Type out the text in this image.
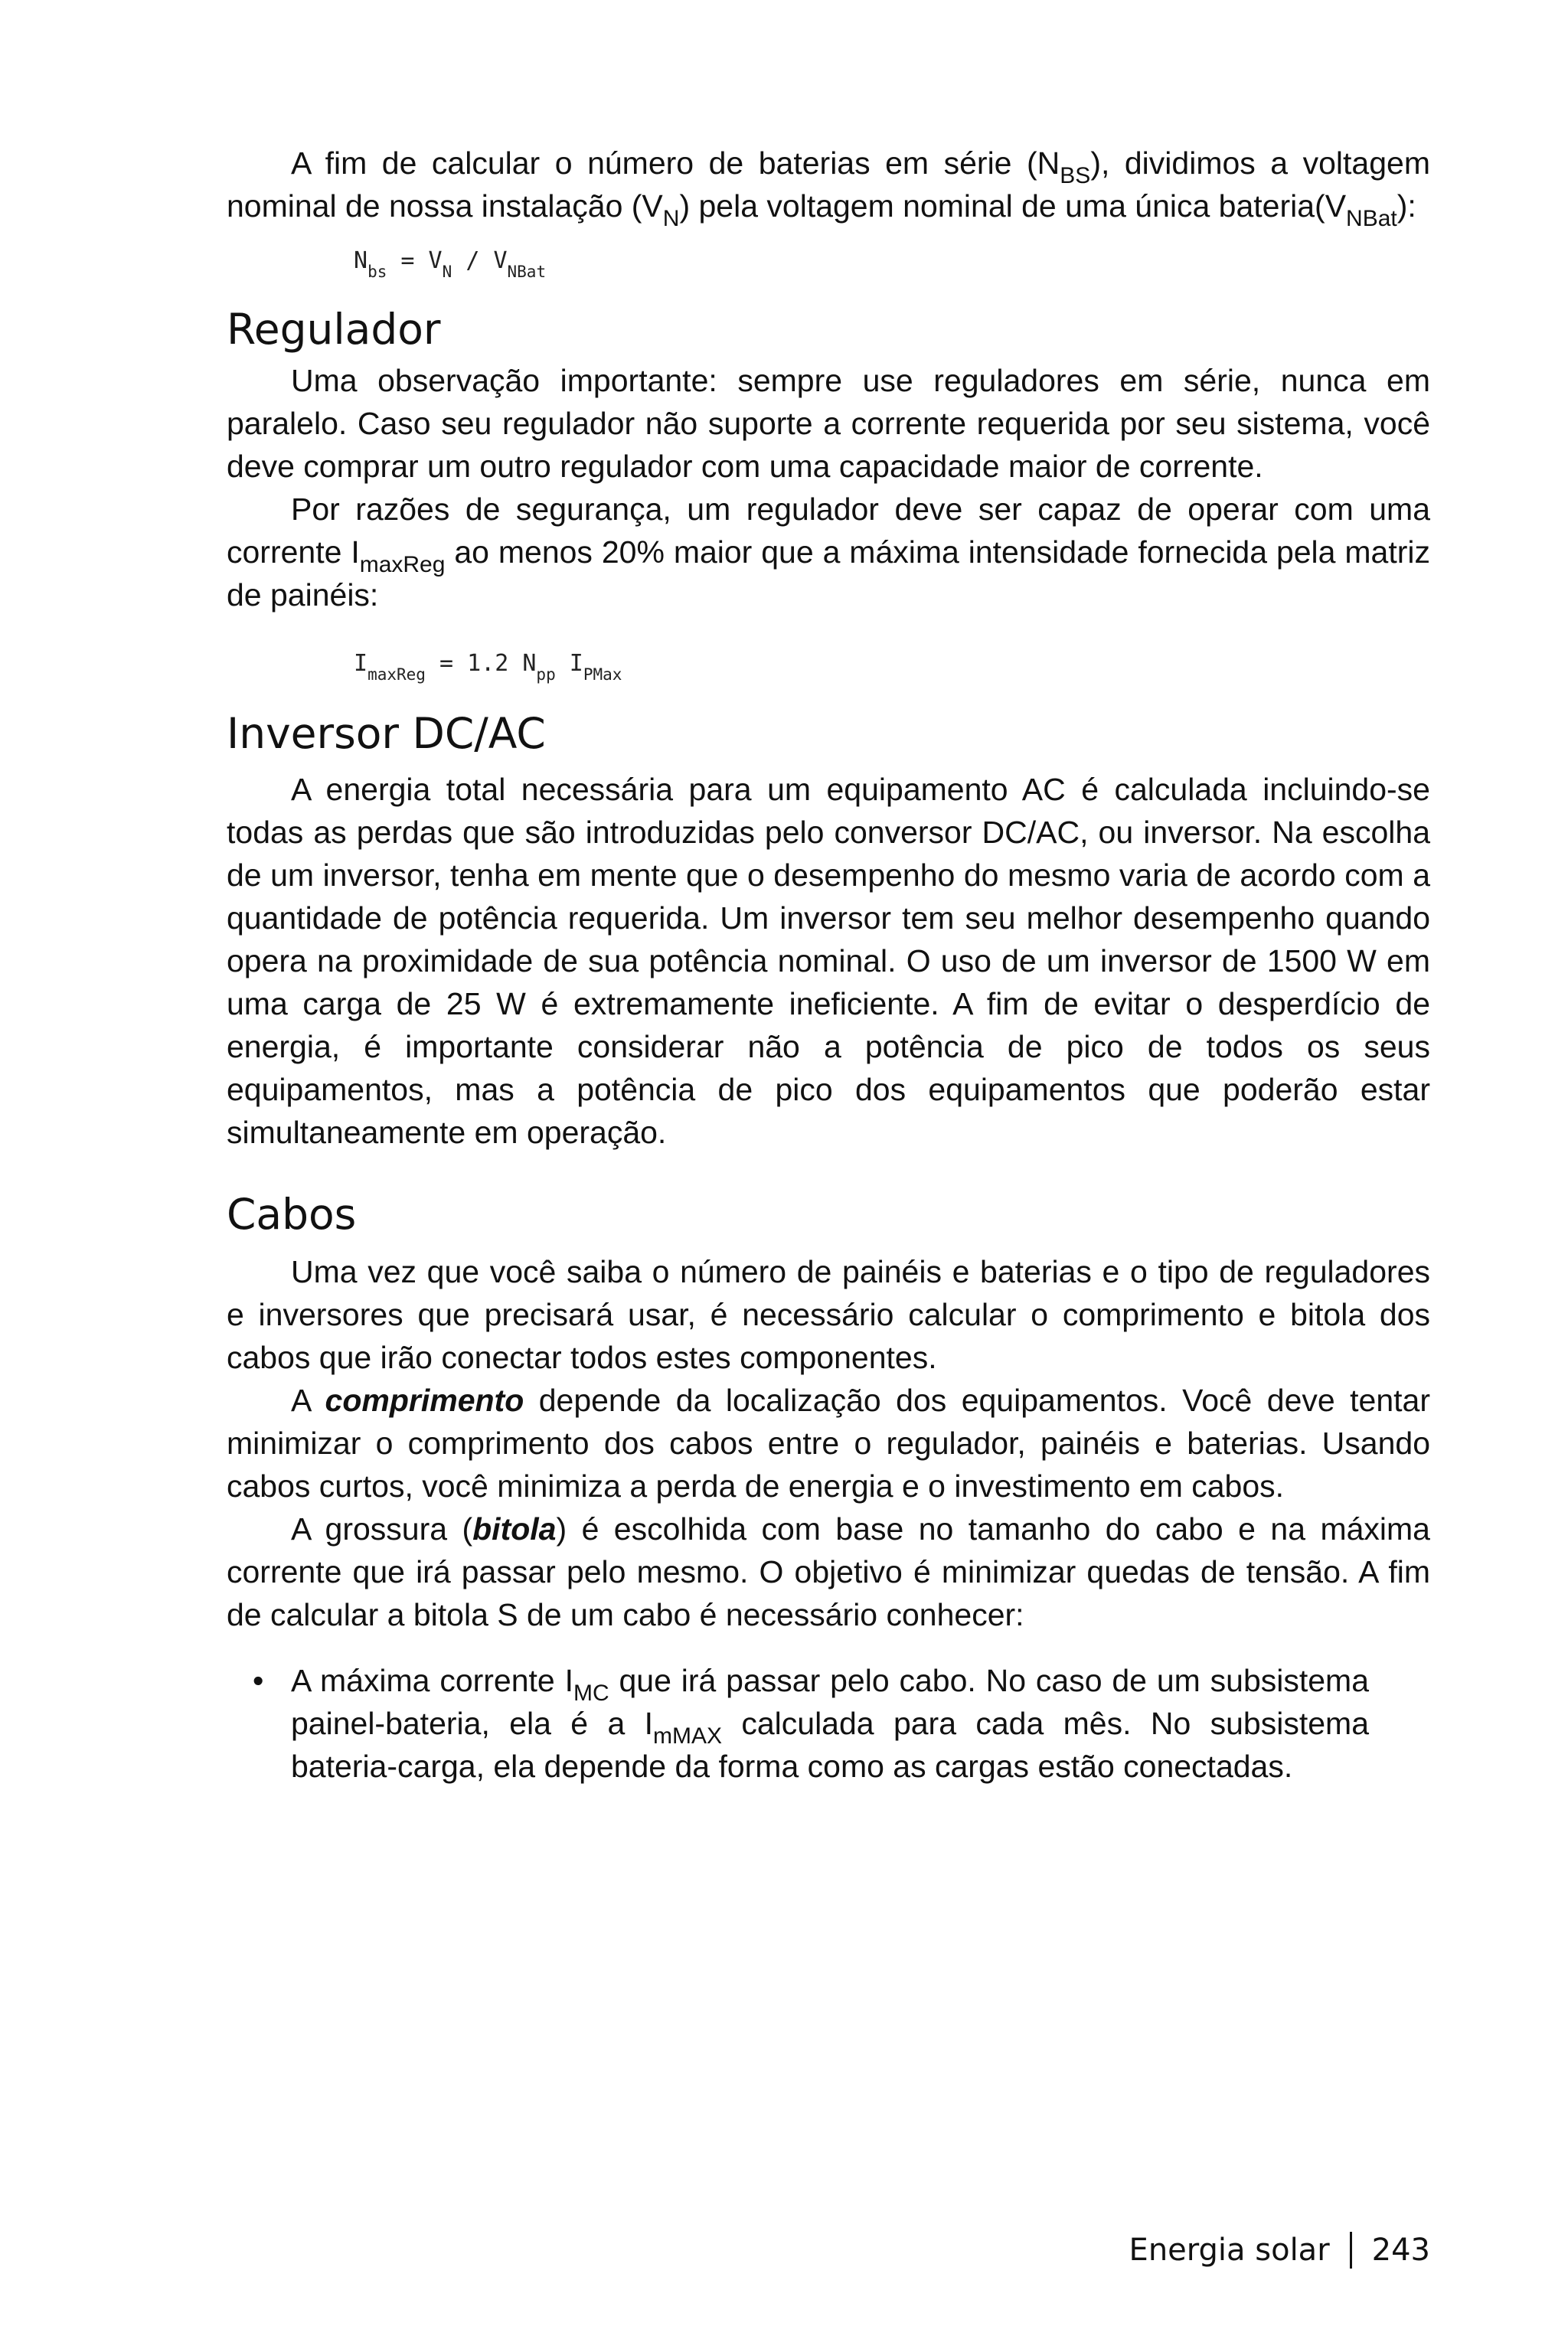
A fim de calcular o número de baterias em série $(N_{BS})$, dividimos a voltagem nominal de nossa instalação $(V_N)$ pela voltagem nominal de uma única $bateria(V_{NBat})$:

$N_{bs} = V_N / V_{NBat}$
Regulador

Uma observação importante: sempre use reguladores em série, nunca em paralelo. Caso seu regulador não suporte a corrente requerida por seu sistema, você deve comprar um outro regulador com uma capacidade maior de corrente.

Por razões de segurança, um regulador deve ser capaz de operar com uma corrente $I_{maxReg}$ ao menos 20% maior que a máxima intensidade fornecida pela matriz de painéis:

$I_{maxReg} = 1.2$ $N_{pp}$ $I_{PMax}$
Inversor DC/AC

A energia total necessária para um equipamento AC é calculada incluindo-se todas as perdas que são introduzidas pelo conversor DC/AC, ou inversor. Na escolha de um inversor, tenha em mente que o desempenho do mesmo varia de acordo com a quantidade de potência requerida. Um inversor tem seu melhor desempenho quando opera na proximidade de sua potência nominal. O uso de um inversor de 1500 W em uma carga de 25 W é extremamente ineficiente. A fim de evitar o desperdício de energia, é importante considerar não a potência de pico de todos os seus equipamentos, mas a potência de pico dos equipamentos que poderão estar simultaneamente em operação.

Cabos

Uma vez que você saiba o número de painéis e baterias e o tipo de reguladores e inversores que precisará usar, é necessário calcular o comprimento e bitola dos cabos que irão conectar todos estes componentes.

A comprimento depende da localização dos equipamentos. Você deve tentar minimizar o comprimento dos cabos entre o regulador, painéis e baterias. Usando cabos curtos, você minimiza a perda de energia e o investimento em cabos.

A grossura (bitola) é escolhida com base no tamanho do cabo e na máxima corrente que irá passar pelo mesmo. O objetivo é minimizar quedas de tensão. A fim de calcular a bitola S de um cabo é necessário conhecer:

• A máxima corrente $I_{MC}$ que irá passar pelo cabo. No caso de um subsistema painel-bateria, ela é a $I_{mMAX}$ calculada para cada mês. No subsistema bateria-carga, ela depende da forma como as cargas estão conectadas.

Energia solar 243
